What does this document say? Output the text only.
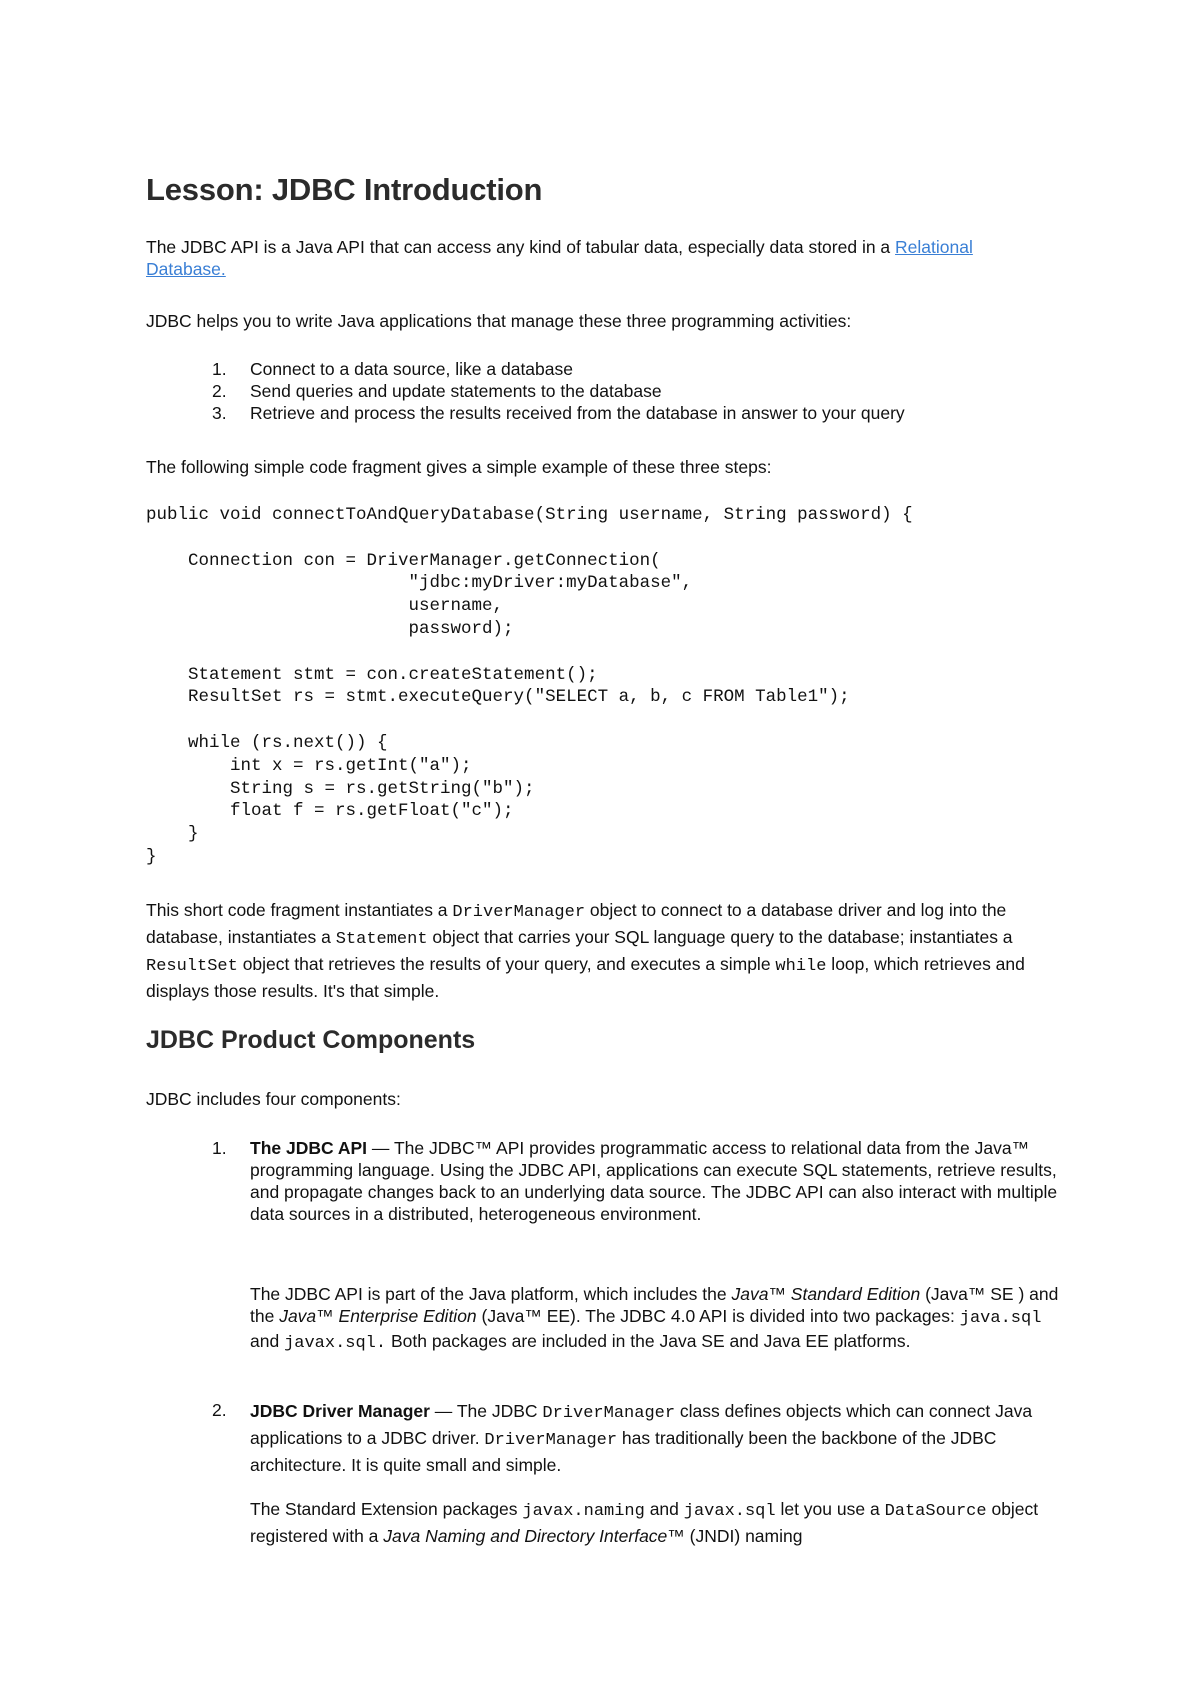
Lesson: JDBC Introduction

The JDBC API is a Java API that can access any kind of tabular data, especially data stored in a Relational
Database.

JDBC helps you to write Java applications that manage these three programming activities:

1. Connect to a data source, like a database
2. Send queries and update statements to the database
3. Retrieve and process the results received from the database in answer to your query

The following simple code fragment gives a simple example of these three steps:

public void connectToAndQueryDatabase(String username, String password) {

Connection con = DriverManager.getConnection(
"jdbc:myDriver:myDatabase",
username,
password);

Statement stmt = con.createStatement();
ResultSet rs = stmt.executeQuery("SELECT a, b, c FROM Table1");

while (rs.next()) {
int x = rs.getInt("a");
String s = rs.getString("b");
float f = rs.getFloat("c");
}
}

This short code fragment instantiates a DriverManager object to connect to a database driver and log into the database, instantiates a Statement object that carries your SQL language query to the database; instantiates a ResultSet object that retrieves the results of your query, and executes a simple while loop, which retrieves and displays those results. It's that simple.

JDBC Product Components

JDBC includes four components:

1. The JDBC API — The JDBC™ API provides programmatic access to relational data from the Java™ programming language. Using the JDBC API, applications can execute SQL statements, retrieve results, and propagate changes back to an underlying data source. The JDBC API can also interact with multiple data sources in a distributed, heterogeneous environment.

The JDBC API is part of the Java platform, which includes the Java™ Standard Edition (Java™ SE ) and the Java™ Enterprise Edition (Java™ EE). The JDBC 4.0 API is divided into two packages: java.sql and javax.sql. Both packages are included in the Java SE and Java EE platforms.

2. JDBC Driver Manager — The JDBC DriverManager class defines objects which can connect Java applications to a JDBC driver. DriverManager has traditionally been the backbone of the JDBC architecture. It is quite small and simple.

The Standard Extension packages javax.naming and javax.sql let you use a DataSource object registered with a Java Naming and Directory Interface™ (JNDI) naming
